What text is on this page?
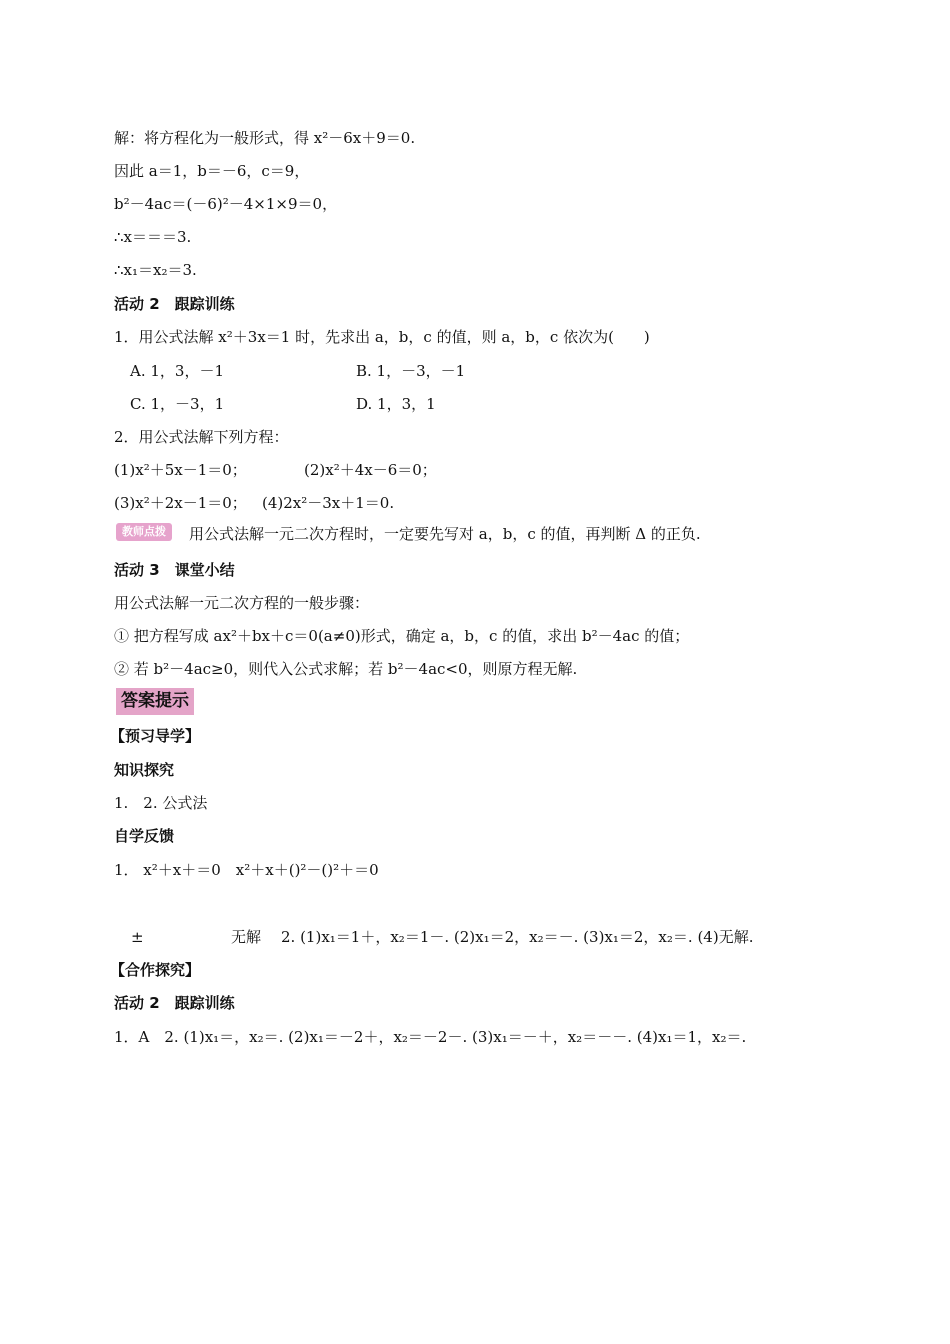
解：将方程化为一般形式，得 x²－6x＋9＝0.
因此 a＝1，b＝－6，c＝9，
b²－4ac＝(－6)²－4×1×9＝0，
∴x＝＝＝3.
∴x₁＝x₂＝3.
活动 2　跟踪训练
1．用公式法解 x²＋3x＝1 时，先求出 a，b，c 的值，则 a，b，c 依次为(　　)
A. 1，3，－1	B. 1，－3，－1
C. 1，－3，1	D. 1，3，1
2．用公式法解下列方程：
(1)x²＋5x－1＝0；	(2)x²＋4x－6＝0；
(3)x²＋2x－1＝0； (4)2x²－3x＋1＝0.
教师点拨	用公式法解一元二次方程时，一定要先写对 a，b，c 的值，再判断 Δ 的正负.
活动 3　课堂小结
用公式法解一元二次方程的一般步骤：
① 把方程写成 ax²＋bx＋c＝0(a≠0)形式，确定 a，b，c 的值，求出 b²－4ac 的值；
② 若 b²－4ac≥0，则代入公式求解；若 b²－4ac<0，则原方程无解.
答案提示
【预习导学】
知识探究
1.　2. 公式法
自学反馈
1． x²＋x＋＝0　x²＋x＋()²－()²＋＝0
±	无解 2. (1)x₁＝1＋，x₂＝1－. (2)x₁＝2，x₂＝－. (3)x₁＝2，x₂＝. (4)无解.
【合作探究】
活动 2　跟踪训练
1．A　2. (1)x₁＝，x₂＝. (2)x₁＝－2＋，x₂＝－2－. (3)x₁＝－＋，x₂＝－－. (4)x₁＝1，x₂＝.
